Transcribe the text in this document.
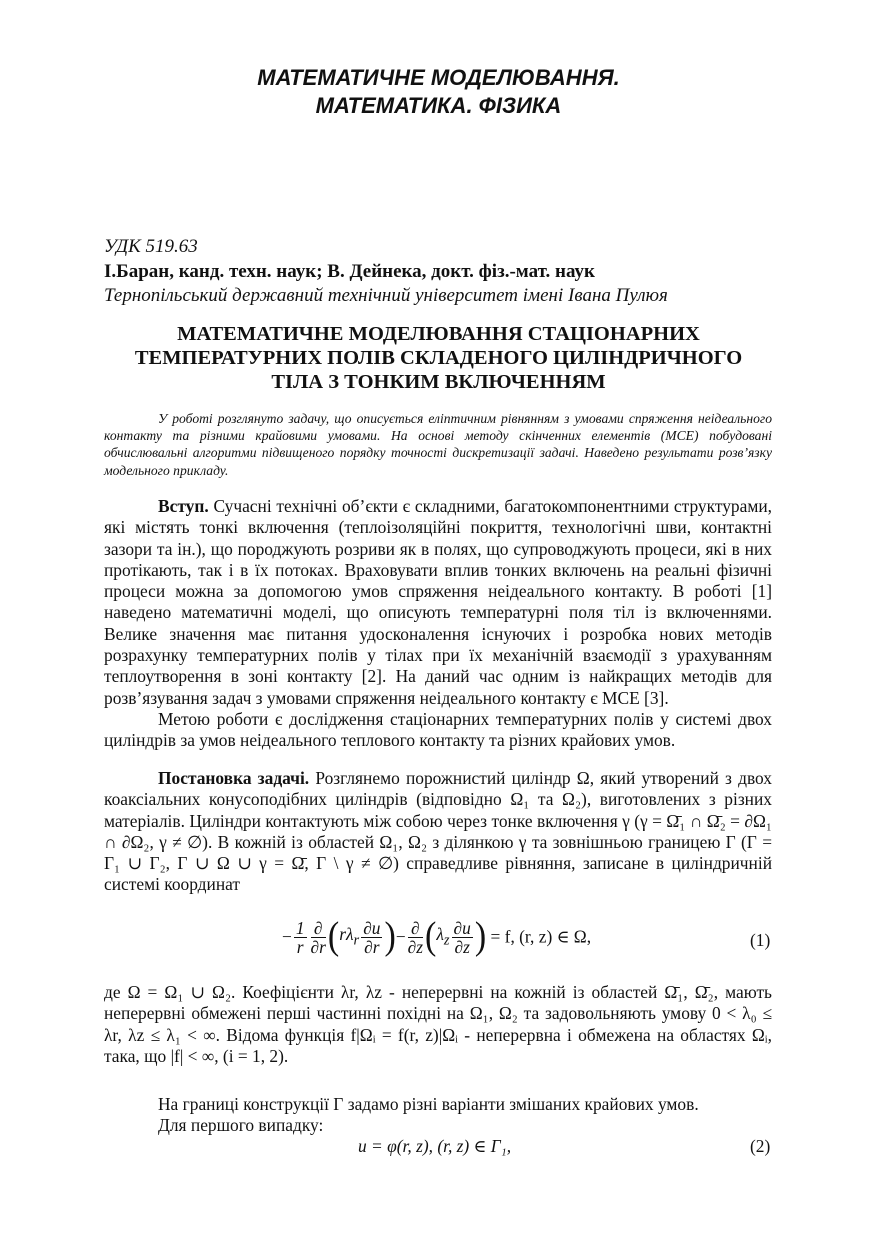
МАТЕМАТИЧНЕ МОДЕЛЮВАННЯ.
МАТЕМАТИКА. ФІЗИКА
УДК 519.63
І.Баран, канд. техн. наук; В. Дейнека, докт. фіз.-мат. наук
Тернопільський державний технічний університет імені Івана Пулюя
МАТЕМАТИЧНЕ МОДЕЛЮВАННЯ СТАЦІОНАРНИХ
ТЕМПЕРАТУРНИХ ПОЛІВ СКЛАДЕНОГО ЦИЛІНДРИЧНОГО
ТІЛА З ТОНКИМ ВКЛЮЧЕННЯМ
У роботі розглянуто задачу, що описується еліптичним рівнянням з умовами спряження неідеального контакту та різними крайовими умовами. На основі методу скінченних елементів (МСЕ) побудовані обчислювальні алгоритми підвищеного порядку точності дискретизації задачі. Наведено результати розв’язку модельного прикладу.

Вступ. Сучасні технічні об’єкти є складними, багатокомпонентними структурами, які містять тонкі включення (теплоізоляційні покриття, технологічні шви, контактні зазори та ін.), що породжують розриви як в полях, що супроводжують процеси, які в них протікають, так і в їх потоках. Враховувати вплив тонких включень на реальні фізичні процеси можна за допомогою умов спряження неідеального контакту. В роботі [1] наведено математичні моделі, що описують температурні поля тіл із включеннями. Велике значення має питання удосконалення існуючих і розробка нових методів розрахунку температурних полів у тілах при їх механічній взаємодії з урахуванням теплоутворення в зоні контакту [2]. На даний час одним із найкращих методів для розв’язування задач з умовами спряження неідеального контакту є МСЕ [3].

Метою роботи є дослідження стаціонарних температурних полів у системі двох циліндрів за умов неідеального теплового контакту та різних крайових умов.

Постановка задачі. Розглянемо порожнистий циліндр Ω, який утворений з двох коаксіальних конусоподібних циліндрів (відповідно Ω₁ та Ω₂), виготовлених з різних матеріалів. Циліндри контактують між собою через тонке включення γ (γ = Ω̄₁ ∩ Ω̄₂ = ∂Ω₁ ∩ ∂Ω₂, γ ≠ ∅). В кожній із областей Ω₁, Ω₂ з ділянкою γ та зовнішньою границею Γ (Γ = Γ₁ ∪ Γ₂, Γ ∪ Ω ∪ γ = Ω̄, Γ \ γ ≠ ∅) справедливе рівняння, записане в циліндричній системі координат

− $\frac{1}{r} \frac{\partial}{\partial r} (r\lambda_r \frac{\partial u}{\partial r}$ )− $\frac{\partial}{\partial z} (\lambda_z \frac{\partial u}{\partial z}$ ) = f, (r, z) ∈ Ω,	(1)

де Ω = Ω₁ ∪ Ω₂. Коефіцієнти λr, λz - неперервні на кожній із областей Ω̄₁, Ω̄₂, мають неперервні обмежені перші частинні похідні на Ω₁, Ω₂ та задовольняють умову 0 < λ₀ ≤ λr, λz ≤ λ₁ < ∞. Відома функція f|Ωᵢ = f(r, z)|Ωᵢ - неперервна і обмежена на областях Ωᵢ, така, що |f| < ∞, (i = 1, 2).

На границі конструкції Γ задамо різні варіанти змішаних крайових умов.

Для першого випадку:

u = φ(r, z), (r, z) ∈ Γ₁,	(2)
